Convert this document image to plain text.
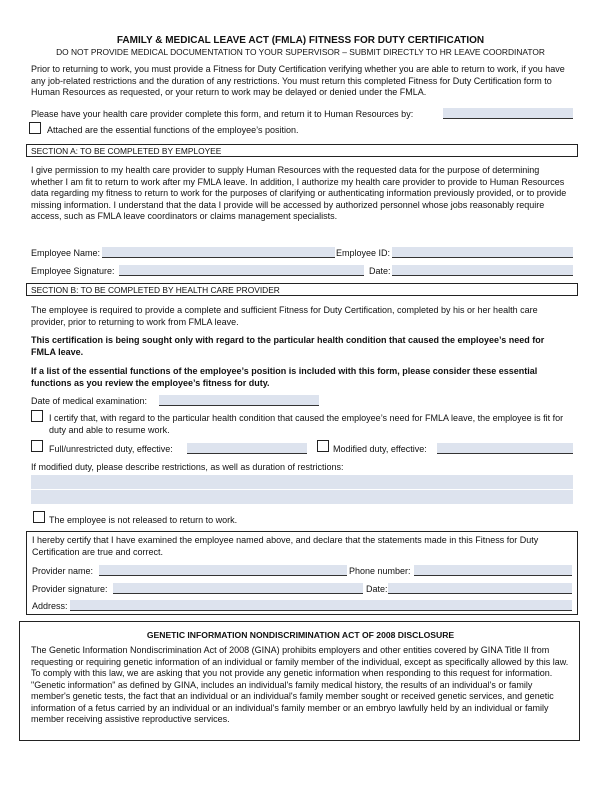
FAMILY & MEDICAL LEAVE ACT (FMLA) FITNESS FOR DUTY CERTIFICATION
DO NOT PROVIDE MEDICAL DOCUMENTATION TO YOUR SUPERVISOR – SUBMIT DIRECTLY TO HR LEAVE COORDINATOR
Prior to returning to work, you must provide a Fitness for Duty Certification verifying whether you are able to return to work, if you have any job-related restrictions and the duration of any restrictions. You must return this completed Fitness for Duty Certification form to Human Resources as requested, or your return to work may be delayed or denied under the FMLA.
Please have your health care provider complete this form, and return it to Human Resources by:
Attached are the essential functions of the employee’s position.
SECTION A: TO BE COMPLETED BY EMPLOYEE
I give permission to my health care provider to supply Human Resources with the requested data for the purpose of determining whether I am fit to return to work after my FMLA leave. In addition, I authorize my health care provider to provide to Human Resources data regarding my fitness to return to work for the purposes of clarifying or authenticating information previously provided, or to provide missing information. I understand that the data I provide will be accessed by authorized personnel whose jobs reasonably require access, such as FMLA leave coordinators or claims management specialists.
Employee Name:	Employee ID:
Employee Signature:	Date:
SECTION B: TO BE COMPLETED BY HEALTH CARE PROVIDER
The employee is required to provide a complete and sufficient Fitness for Duty Certification, completed by his or her health care provider, prior to returning to work from FMLA leave.
This certification is being sought only with regard to the particular health condition that caused the employee’s need for FMLA leave.
If a list of the essential functions of the employee’s position is included with this form, please consider these essential functions as you review the employee’s fitness for duty.
Date of medical examination:
I certify that, with regard to the particular health condition that caused the employee’s need for FMLA leave, the employee is fit for duty and able to resume work.
Full/unrestricted duty, effective:	Modified duty, effective:
If modified duty, please describe restrictions, as well as duration of restrictions:
The employee is not released to return to work.
I hereby certify that I have examined the employee named above, and declare that the statements made in this Fitness for Duty Certification are true and correct.
Provider name:	Phone number:
Provider signature:	Date:
Address:
GENETIC INFORMATION NONDISCRIMINATION ACT OF 2008 DISCLOSURE
The Genetic Information Nondiscrimination Act of 2008 (GINA) prohibits employers and other entities covered by GINA Title II from requesting or requiring genetic information of an individual or family member of the individual, except as specifically allowed by this law. To comply with this law, we are asking that you not provide any genetic information when responding to this request for information. "Genetic information" as defined by GINA, includes an individual's family medical history, the results of an individual's or family member's genetic tests, the fact that an individual or an individual's family member sought or received genetic services, and genetic information of a fetus carried by an individual or an individual's family member or an embryo lawfully held by an individual or family member receiving assistive reproductive services.
